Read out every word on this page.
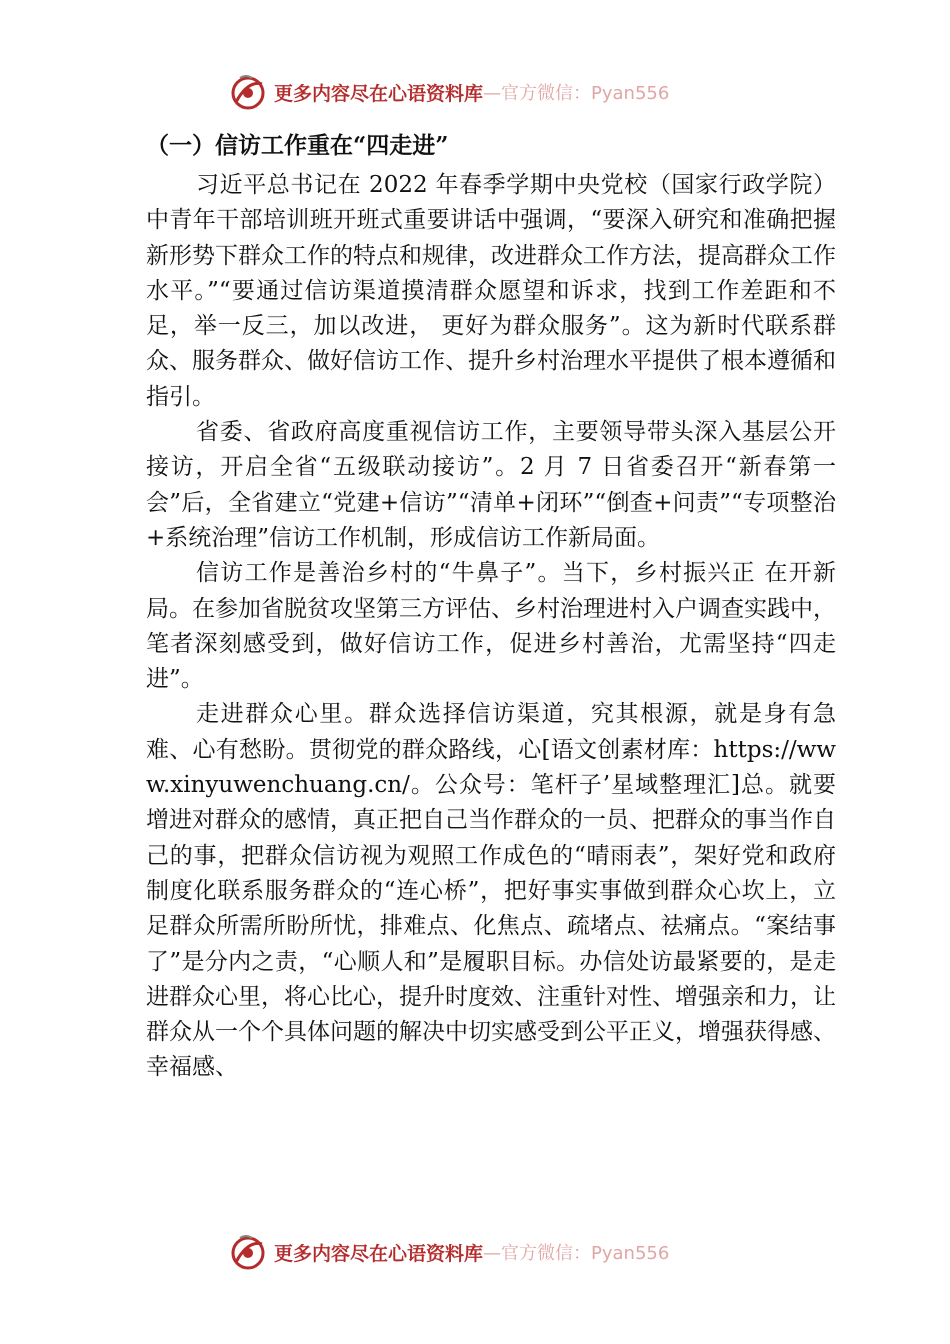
更多内容尽在心语资料库 —官方微信：Pyan556
（一）信访工作重在“四走进”

习近平总书记在 2022 年春季学期中央党校（国家行政学院）中青年干部培训班开班式重要讲话中强调，“要深入研究和准确把握新形势下群众工作的特点和规律，改进群众工作方法，提高群众工作水平。”“要通过信访渠道摸清群众愿望和诉求，找到工作差距和不足，举一反三，加以改进， 更好为群众服务”。这为新时代联系群众、服务群众、做好信访工作、提升乡村治理水平提供了根本遵循和指引。

省委、省政府高度重视信访工作，主要领导带头深入基层公开接访，开启全省“五级联动接访”。2 月 7 日省委召开“新春第一会”后，全省建立“党建+信访”“清单+闭环”“倒查+问责”“专项整治+系统治理”信访工作机制，形成信访工作新局面。

信访工作是善治乡村的“牛鼻子”。当下，乡村振兴正 在开新局。在参加省脱贫攻坚第三方评估、乡村治理进村入户调查实践中，笔者深刻感受到，做好信访工作，促进乡村善治，尤需坚持“四走进”。

走进群众心里。群众选择信访渠道，究其根源，就是身有急难、心有愁盼。贯彻党的群众路线，心[语文创素材库：https://www.xinyuwenchuang.cn/。公众号：笔杆子’星域整理汇]总。就要增进对群众的感情，真正把自己当作群众的一员、把群众的事当作自己的事，把群众信访视为观照工作成色的“晴雨表”，架好党和政府制度化联系服务群众的“连心桥”，把好事实事做到群众心坎上，立足群众所需所盼所忧，排难点、化焦点、疏堵点、祛痛点。“案结事了”是分内之责，“心顺人和”是履职目标。办信处访最紧要的，是走进群众心里，将心比心，提升时度效、注重针对性、增强亲和力，让群众从一个个具体问题的解决中切实感受到公平正义，增强获得感、幸福感、

更多内容尽在心语资料库 —官方微信：Pyan556
